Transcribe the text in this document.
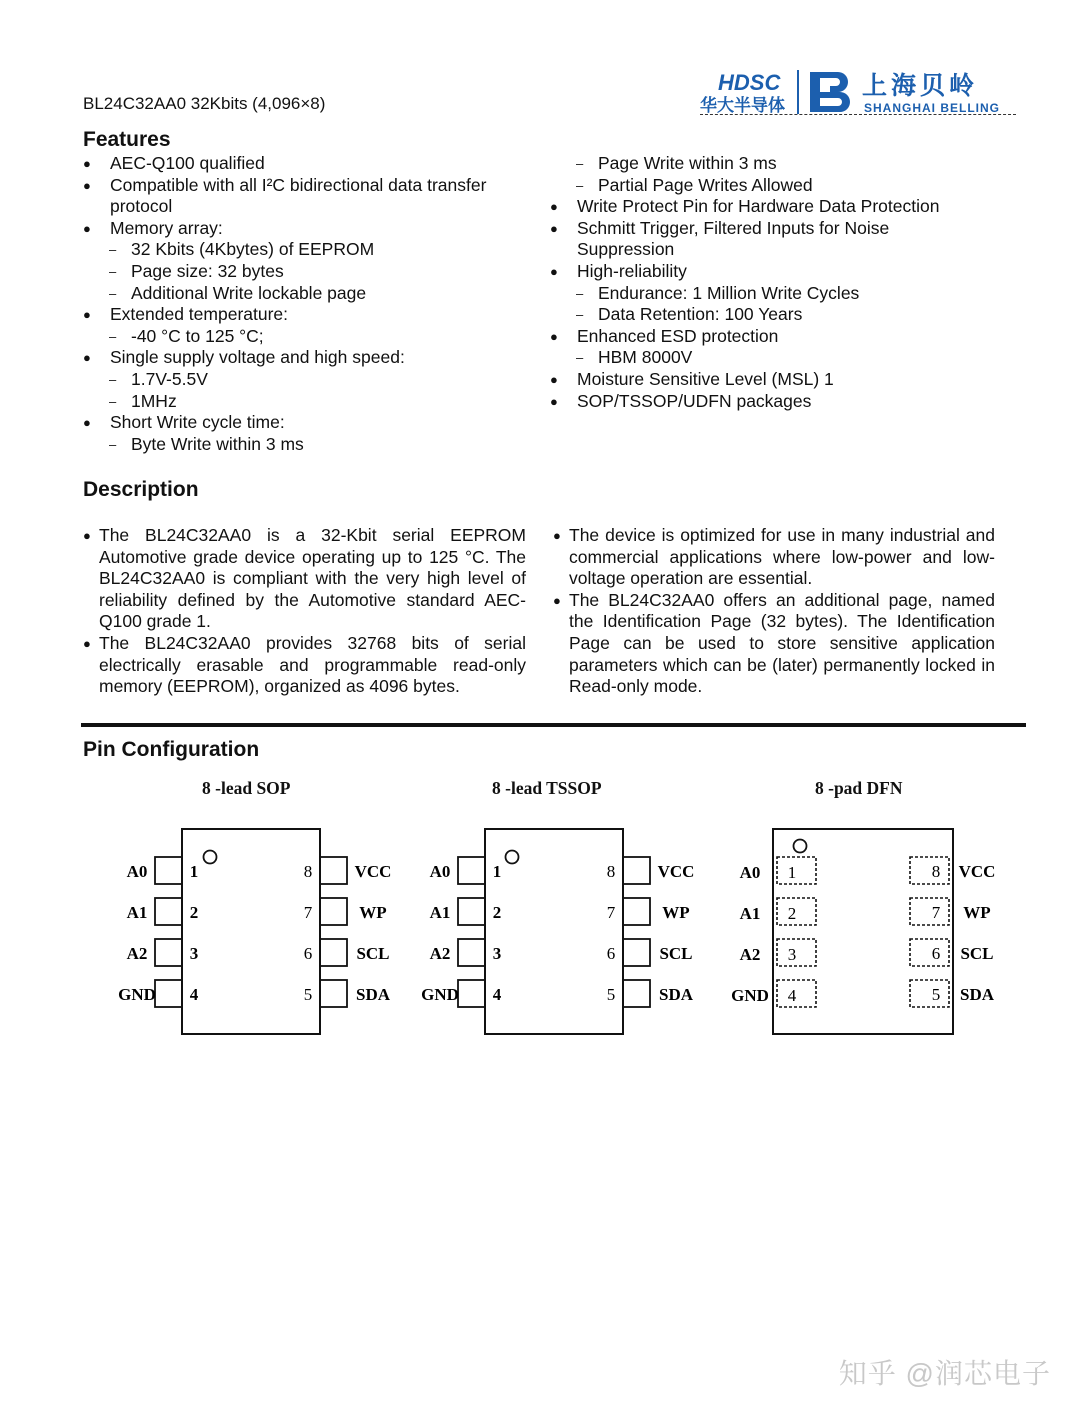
BL24C32AA0 32Kbits (4,096×8)
HDSC
华大半导体
上海贝岭
SHANGHAI BELLING
Features
● AEC-Q100 qualified
● Compatible with all I²C bidirectional data transfer
protocol
● Memory array:
– 32 Kbits (4Kbytes) of EEPROM
– Page size: 32 bytes
– Additional Write lockable page
● Extended temperature:
– -40 °C to 125 °C;
● Single supply voltage and high speed:
– 1.7V-5.5V
– 1MHz
● Short Write cycle time:
– Byte Write within 3 ms
– Page Write within 3 ms
– Partial Page Writes Allowed
● Write Protect Pin for Hardware Data Protection
● Schmitt Trigger, Filtered Inputs for Noise
Suppression
● High-reliability
– Endurance: 1 Million Write Cycles
– Data Retention: 100 Years
● Enhanced ESD protection
– HBM 8000V
● Moisture Sensitive Level (MSL) 1
● SOP/TSSOP/UDFN packages
Description

● The BL24C32AA0 is a 32-Kbit serial EEPROM Automotive grade device operating up to 125 °C. The BL24C32AA0 is compliant with the very high level of reliability defined by the Automotive standard AEC-Q100 grade 1.

● The BL24C32AA0 provides 32768 bits of serial electrically erasable and programmable read-only memory (EEPROM), organized as 4096 bytes.

● The device is optimized for use in many industrial and commercial applications where low-power and low-voltage operation are essential.

● The BL24C32AA0 offers an additional page, named the Identification Page (32 bytes). The Identification Page can be used to store sensitive application parameters which can be (later) permanently locked in Read-only mode.

Pin Configuration
8 -lead SOP	8 -lead TSSOP	8 -pad DFN
A0 1	8 VCC
A1 2	7	WP
A2 3	6	SCL
GND 4	5	SDA
A0 1	8 VCC
A1 2	7	WP
A2 3	6	SCL
GND 4	5	SDA
A0 1	8 VCC
A1 2	7 WP
A2 3	6 SCL
GND 4	5 SDA
知乎 @润芯电子
